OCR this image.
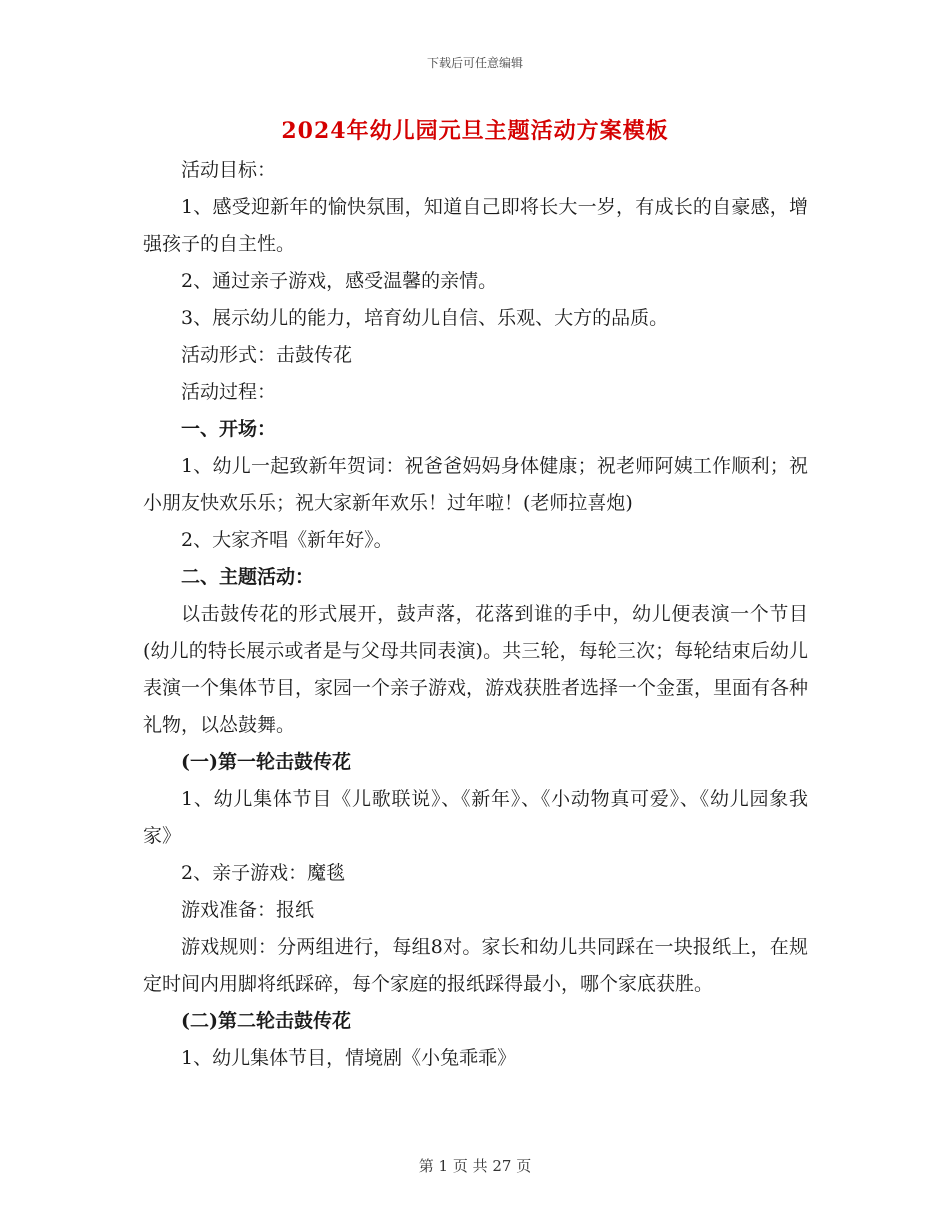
下载后可任意编辑
2024年幼儿园元旦主题活动方案模板

活动目标：

1、感受迎新年的愉快氛围，知道自己即将长大一岁，有成长的自豪感，增强孩子的自主性。

2、通过亲子游戏，感受温馨的亲情。

3、展示幼儿的能力，培育幼儿自信、乐观、大方的品质。

活动形式：击鼓传花

活动过程：

一、开场：

1、幼儿一起致新年贺词：祝爸爸妈妈身体健康；祝老师阿姨工作顺利；祝小朋友快欢乐乐；祝大家新年欢乐！过年啦！(老师拉喜炮)

2、大家齐唱《新年好》。

二、主题活动：

以击鼓传花的形式展开，鼓声落，花落到谁的手中，幼儿便表演一个节目(幼儿的特长展示或者是与父母共同表演)。共三轮，每轮三次；每轮结束后幼儿表演一个集体节目，家园一个亲子游戏，游戏获胜者选择一个金蛋，里面有各种礼物，以怂鼓舞。

(一)第一轮击鼓传花

1、幼儿集体节目《儿歌联说》、《新年》、《小动物真可爱》、《幼儿园象我家》

2、亲子游戏：魔毯

游戏准备：报纸

游戏规则：分两组进行，每组8对。家长和幼儿共同踩在一块报纸上，在规定时间内用脚将纸踩碎，每个家庭的报纸踩得最小，哪个家底获胜。

(二)第二轮击鼓传花

1、幼儿集体节目，情境剧《小兔乖乖》

第 1 页 共 27 页
